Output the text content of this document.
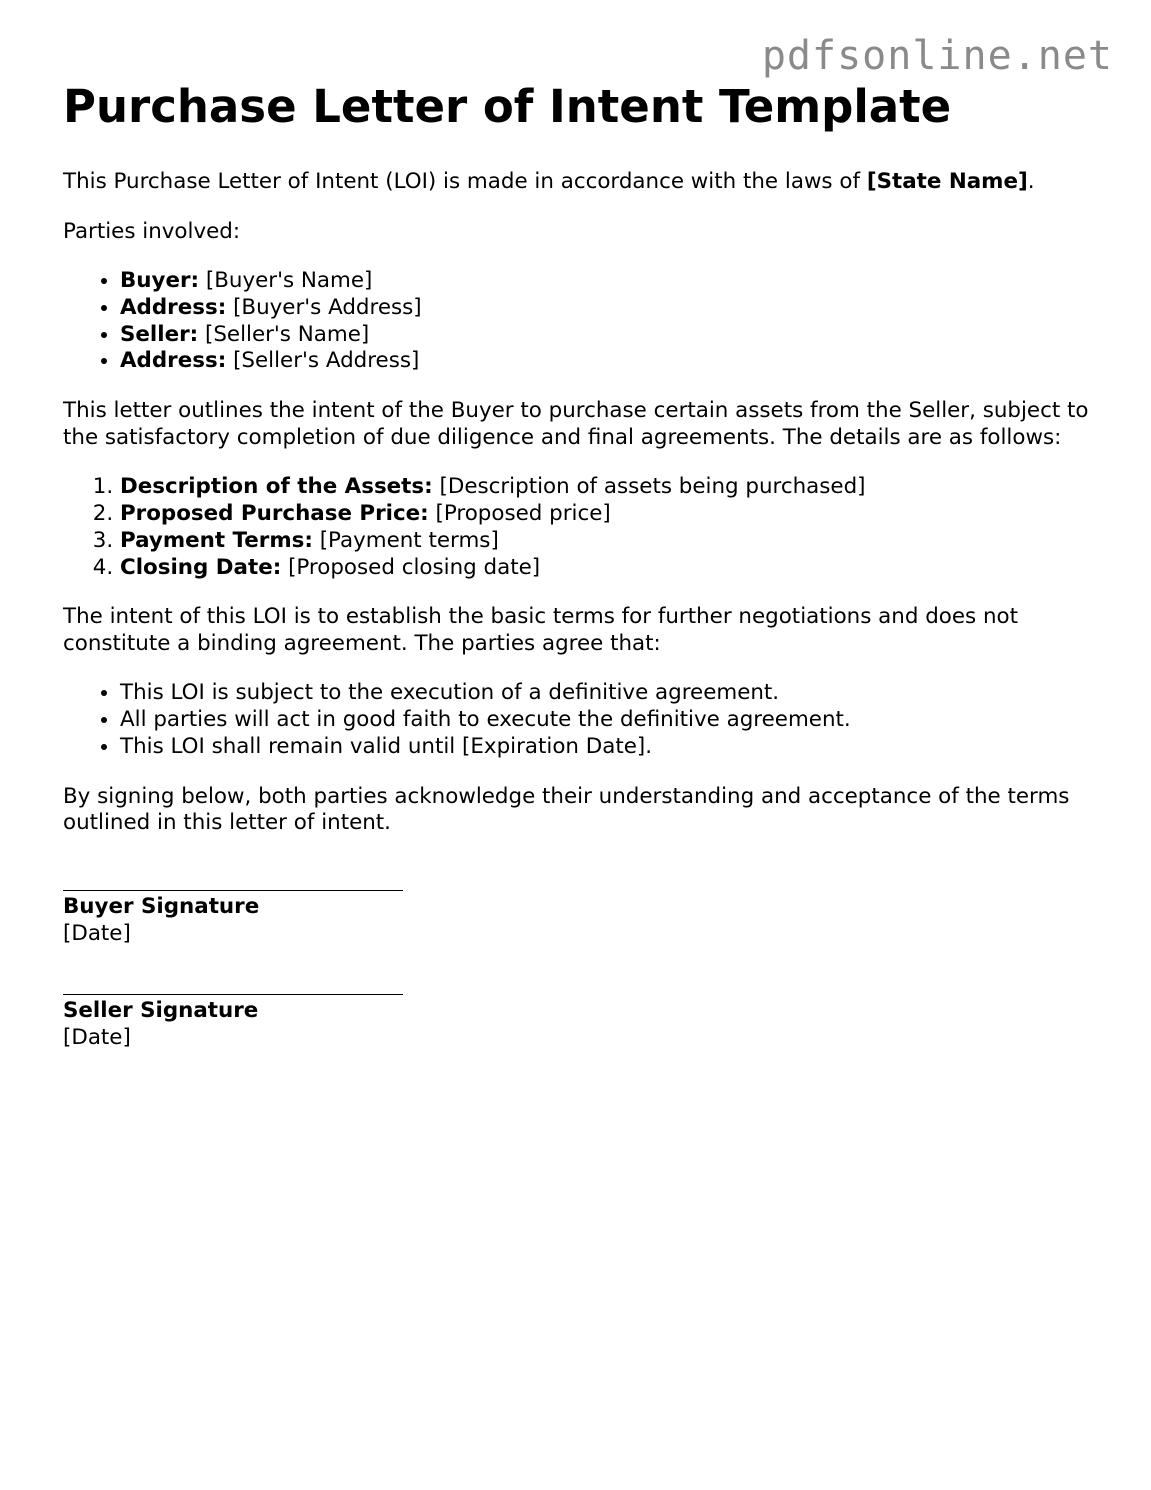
pdfsonline.net
Purchase Letter of Intent Template

This Purchase Letter of Intent (LOI) is made in accordance with the laws of [State Name].

Parties involved:

• Buyer: [Buyer's Name]
• Address: [Buyer's Address]
• Seller: [Seller's Name]
• Address: [Seller's Address]

This letter outlines the intent of the Buyer to purchase certain assets from the Seller, subject to the satisfactory completion of due diligence and final agreements. The details are as follows:

1. Description of the Assets: [Description of assets being purchased]
2. Proposed Purchase Price: [Proposed price]
3. Payment Terms: [Payment terms]
4. Closing Date: [Proposed closing date]

The intent of this LOI is to establish the basic terms for further negotiations and does not constitute a binding agreement. The parties agree that:

• This LOI is subject to the execution of a definitive agreement.
• All parties will act in good faith to execute the definitive agreement.
• This LOI shall remain valid until [Expiration Date].

By signing below, both parties acknowledge their understanding and acceptance of the terms outlined in this letter of intent.

Buyer Signature
[Date]
Seller Signature
[Date]
